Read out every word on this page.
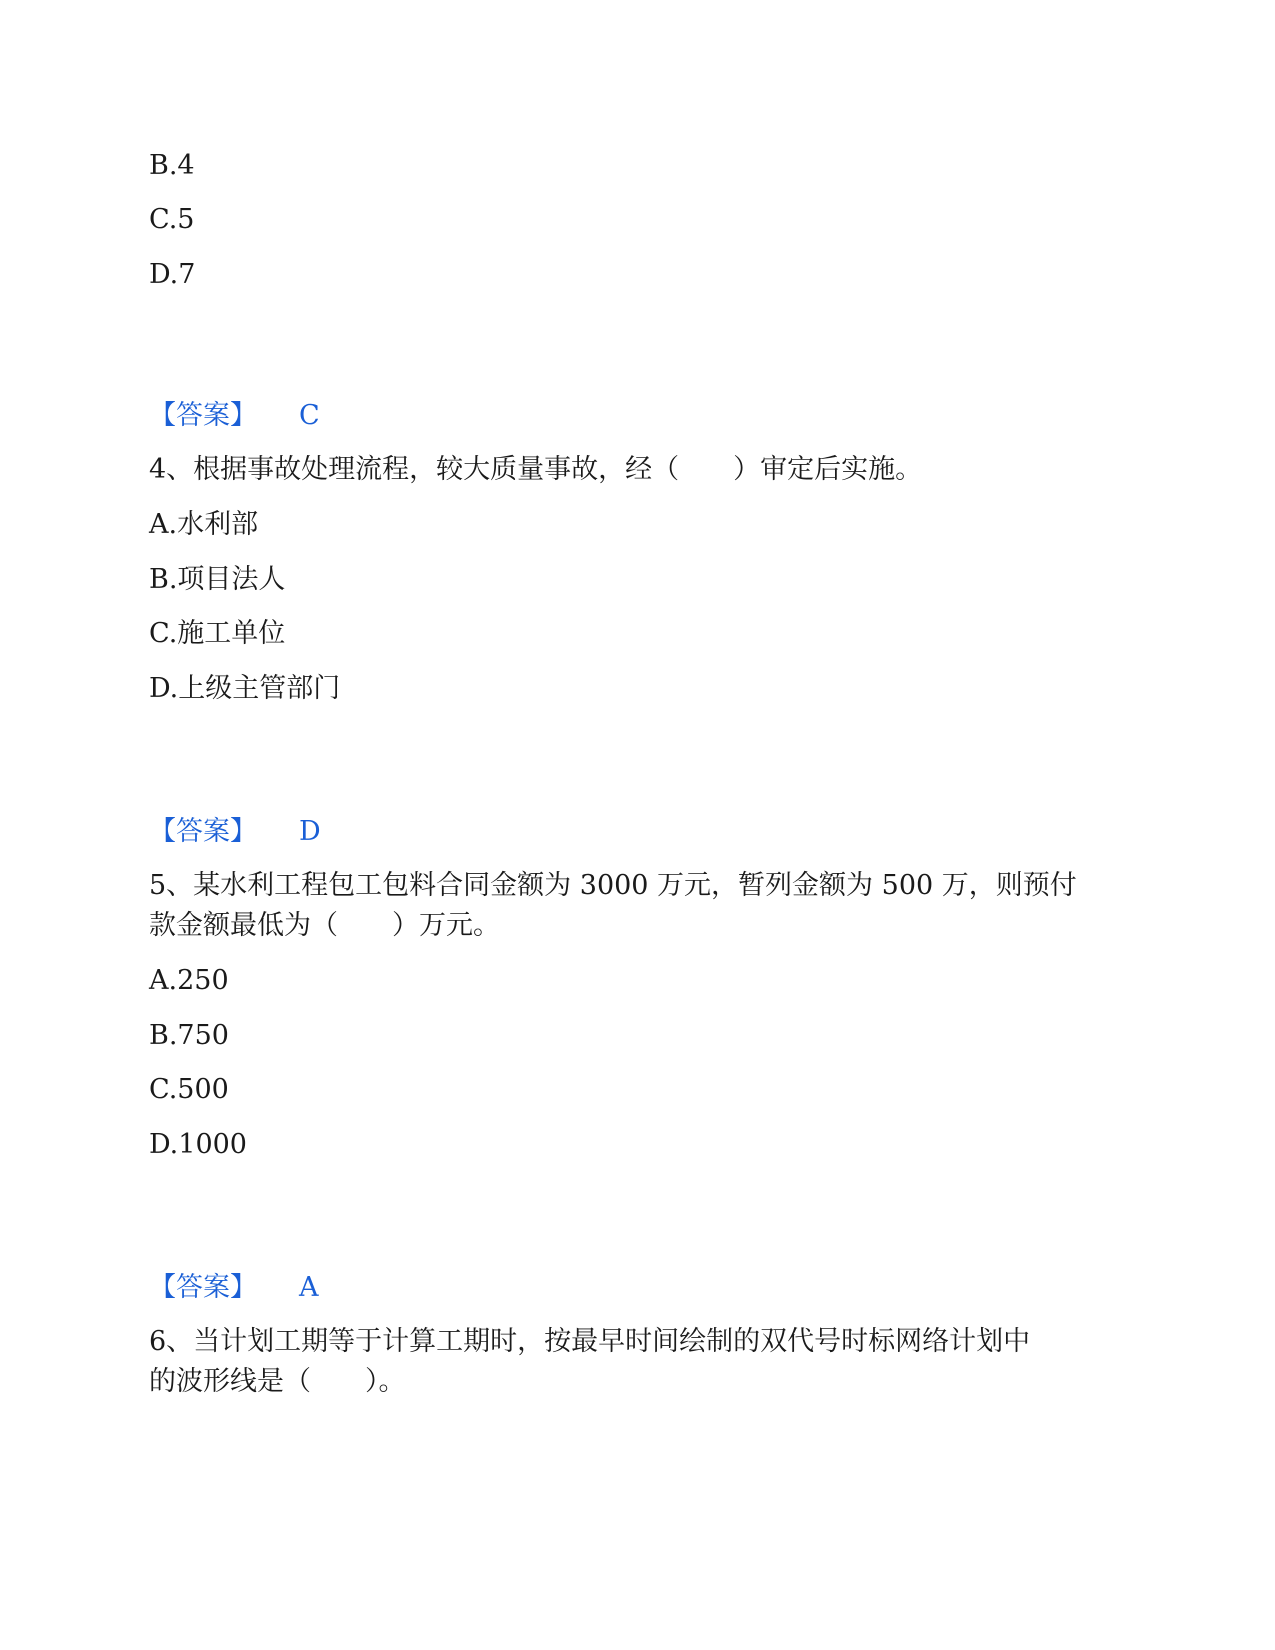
B.4
C.5
D.7
【答案】 C
4、根据事故处理流程，较大质量事故，经（　　）审定后实施。
A.水利部
B.项目法人
C.施工单位
D.上级主管部门
【答案】 D
5、某水利工程包工包料合同金额为 3000 万元，暂列金额为 500 万，则预付
款金额最低为（　　）万元。
A.250
B.750
C.500
D.1000
【答案】 A
6、当计划工期等于计算工期时，按最早时间绘制的双代号时标网络计划中
的波形线是（　　）。
